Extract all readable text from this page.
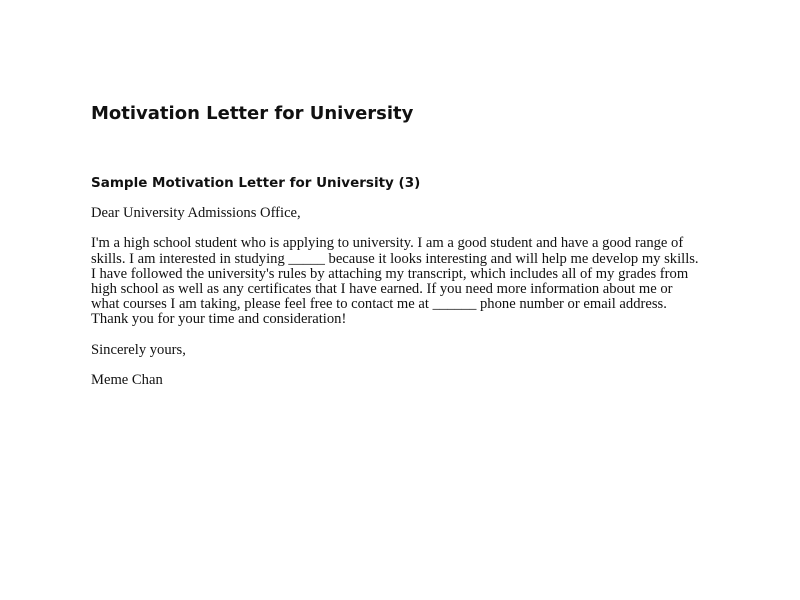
Motivation Letter for University
Sample Motivation Letter for University (3)

Dear University Admissions Office,

I'm a high school student who is applying to university. I am a good student and have a good range of skills. I am interested in studying _____ because it looks interesting and will help me develop my skills. I have followed the university's rules by attaching my transcript, which includes all of my grades from high school as well as any certificates that I have earned. If you need more information about me or what courses I am taking, please feel free to contact me at ______ phone number or email address. Thank you for your time and consideration!

Sincerely yours,

Meme Chan
